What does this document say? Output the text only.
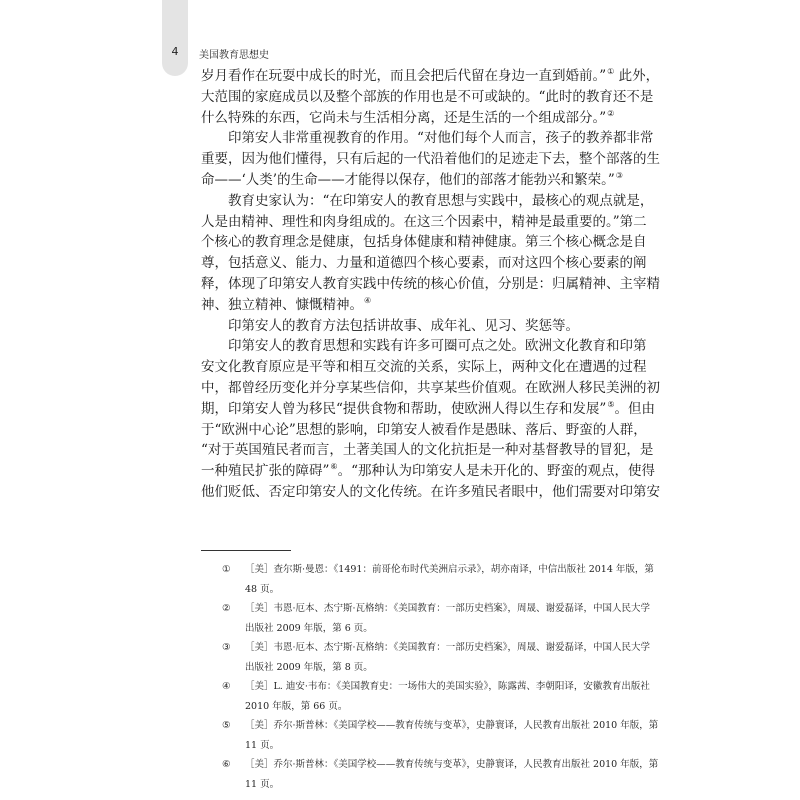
4	美国教育思想史

岁月看作在玩耍中成长的时光，而且会把后代留在身边一直到婚前。”① 此外，

大范围的家庭成员以及整个部族的作用也是不可或缺的。“此时的教育还不是

什么特殊的东西，它尚未与生活相分离，还是生活的一个组成部分。”②

印第安人非常重视教育的作用。“对他们每个人而言，孩子的教养都非常

重要，因为他们懂得，只有后起的一代沿着他们的足迹走下去，整个部落的生

命——‘人类’的生命——才能得以保存，他们的部落才能勃兴和繁荣。”③

教育史家认为：“在印第安人的教育思想与实践中，最核心的观点就是，

人是由精神、理性和肉身组成的。在这三个因素中，精神是最重要的。”第二

个核心的教育理念是健康，包括身体健康和精神健康。第三个核心概念是自

尊，包括意义、能力、力量和道德四个核心要素，而对这四个核心要素的阐

释，体现了印第安人教育实践中传统的核心价值，分别是：归属精神、主宰精

神、独立精神、慷慨精神。④

印第安人的教育方法包括讲故事、成年礼、见习、奖惩等。

印第安人的教育思想和实践有许多可圈可点之处。欧洲文化教育和印第

安文化教育原应是平等和相互交流的关系，实际上，两种文化在遭遇的过程

中，都曾经历变化并分享某些信仰，共享某些价值观。在欧洲人移民美洲的初

期，印第安人曾为移民“提供食物和帮助，使欧洲人得以生存和发展”⑤。但由

于“欧洲中心论”思想的影响，印第安人被看作是愚昧、落后、野蛮的人群，

“对于英国殖民者而言，土著美国人的文化抗拒是一种对基督教导的冒犯，是

一种殖民扩张的障碍”⑥。“那种认为印第安人是未开化的、野蛮的观点，使得

他们贬低、否定印第安人的文化传统。在许多殖民者眼中，他们需要对印第安

①	［美］查尔斯·曼恩：《1491：前哥伦布时代美洲启示录》，胡亦南译，中信出版社 2014 年版，第
48 页。
②	［美］韦恩·厄本、杰宁斯·瓦格纳：《美国教育：一部历史档案》，周晟、谢爱磊译，中国人民大学
出版社 2009 年版，第 6 页。
③	［美］韦恩·厄本、杰宁斯·瓦格纳：《美国教育：一部历史档案》，周晟、谢爱磊译，中国人民大学
出版社 2009 年版，第 8 页。
④	［美］L. 迪安·韦布：《美国教育史：一场伟大的美国实验》，陈露茜、李朝阳译，安徽教育出版社
2010 年版，第 66 页。
⑤	［美］乔尔·斯普林：《美国学校——教育传统与变革》，史静寰译，人民教育出版社 2010 年版，第
11 页。
⑥	［美］乔尔·斯普林：《美国学校——教育传统与变革》，史静寰译，人民教育出版社 2010 年版，第
11 页。
